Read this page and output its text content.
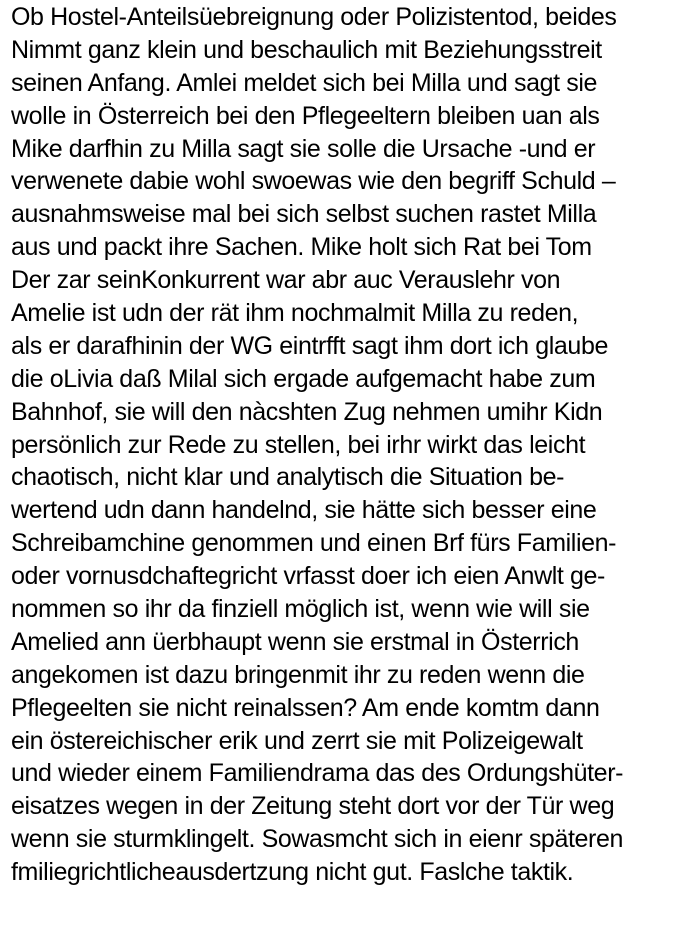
Ob Hostel-Anteilsüebreignung oder Polizistentod, beides
Nimmt ganz klein und beschaulich mit Beziehungsstreit
seinen Anfang. Amlei meldet sich bei Milla und sagt sie
wolle in Österreich bei den Pflegeeltern bleiben uan als
Mike darfhin zu Milla sagt sie solle die Ursache -und er
verwenete dabie wohl swoewas wie den begriff Schuld –
ausnahmsweise mal bei sich selbst suchen rastet Milla
aus und packt ihre Sachen. Mike holt sich Rat bei Tom
Der zar seinKonkurrent war abr auc Verauslehr von
Amelie ist udn der rät ihm nochmalmit Milla zu reden,
als er darafhinin der WG eintrfft sagt ihm dort ich glaube
die oLivia daß Milal sich ergade aufgemacht habe zum
Bahnhof, sie will den nàcshten Zug nehmen umihr Kidn
persönlich zur Rede zu stellen, bei irhr wirkt das leicht
chaotisch, nicht klar und analytisch die Situation be-
wertend udn dann handelnd, sie hätte sich besser eine
Schreibamchine genommen und einen Brf fürs Familien-
oder vornusdchaftegricht vrfasst doer ich eien Anwlt ge-
nommen so ihr da finziell möglich ist, wenn wie will sie
Amelied ann üerbhaupt wenn sie erstmal in Österrich
angekomen ist dazu bringenmit ihr zu reden wenn die
Pflegeelten sie nicht reinalssen? Am ende komtm dann
ein östereichischer erik und zerrt sie mit Polizeigewalt
und wieder einem Familiendrama das des Ordungshüter-
eisatzes wegen in der Zeitung steht dort vor der Tür weg
wenn sie sturmklingelt. Sowasmcht sich in eienr späteren
fmiliegrichtlicheausdertzung nicht gut. Faslche taktik.
